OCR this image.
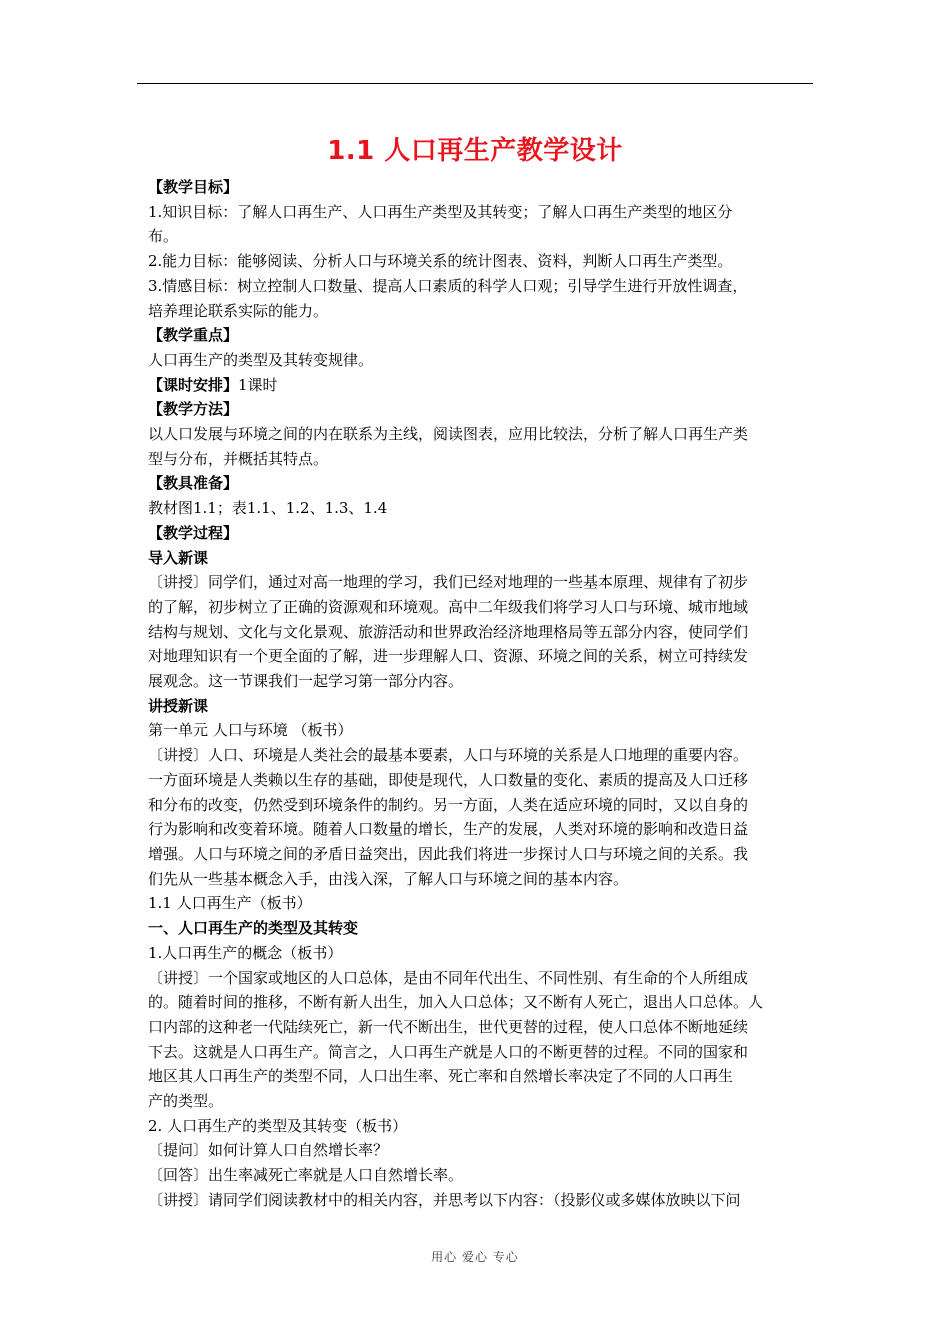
1.1 人口再生产教学设计

【教学目标】

1.知识目标：了解人口再生产、人口再生产类型及其转变；了解人口再生产类型的地区分

布。

2.能力目标：能够阅读、分析人口与环境关系的统计图表、资料，判断人口再生产类型。

3.情感目标：树立控制人口数量、提高人口素质的科学人口观；引导学生进行开放性调查，

培养理论联系实际的能力。

【教学重点】

人口再生产的类型及其转变规律。

【课时安排】1课时

【教学方法】

以人口发展与环境之间的内在联系为主线，阅读图表，应用比较法，分析了解人口再生产类

型与分布，并概括其特点。

【教具准备】

教材图1.1；表1.1、1.2、1.3、1.4

【教学过程】

导入新课

〔讲授〕同学们，通过对高一地理的学习，我们已经对地理的一些基本原理、规律有了初步

的了解，初步树立了正确的资源观和环境观。高中二年级我们将学习人口与环境、城市地域

结构与规划、文化与文化景观、旅游活动和世界政治经济地理格局等五部分内容，使同学们

对地理知识有一个更全面的了解，进一步理解人口、资源、环境之间的关系，树立可持续发

展观念。这一节课我们一起学习第一部分内容。

讲授新课

第一单元 人口与环境 （板书）

〔讲授〕人口、环境是人类社会的最基本要素，人口与环境的关系是人口地理的重要内容。

一方面环境是人类赖以生存的基础，即使是现代，人口数量的变化、素质的提高及人口迁移

和分布的改变，仍然受到环境条件的制约。另一方面，人类在适应环境的同时，又以自身的

行为影响和改变着环境。随着人口数量的增长，生产的发展，人类对环境的影响和改造日益

增强。人口与环境之间的矛盾日益突出，因此我们将进一步探讨人口与环境之间的关系。我

们先从一些基本概念入手，由浅入深，了解人口与环境之间的基本内容。

1.1 人口再生产（板书）

一、人口再生产的类型及其转变

1.人口再生产的概念（板书）

〔讲授〕一个国家或地区的人口总体，是由不同年代出生、不同性别、有生命的个人所组成

的。随着时间的推移，不断有新人出生，加入人口总体；又不断有人死亡，退出人口总体。人

口内部的这种老一代陆续死亡，新一代不断出生，世代更替的过程，使人口总体不断地延续

下去。这就是人口再生产。简言之，人口再生产就是人口的不断更替的过程。不同的国家和

地区其人口再生产的类型不同，人口出生率、死亡率和自然增长率决定了不同的人口再生

产的类型。

2. 人口再生产的类型及其转变（板书）

〔提问〕如何计算人口自然增长率？

〔回答〕出生率减死亡率就是人口自然增长率。

〔讲授〕请同学们阅读教材中的相关内容，并思考以下内容：（投影仪或多媒体放映以下问

用心 爱心 专心
